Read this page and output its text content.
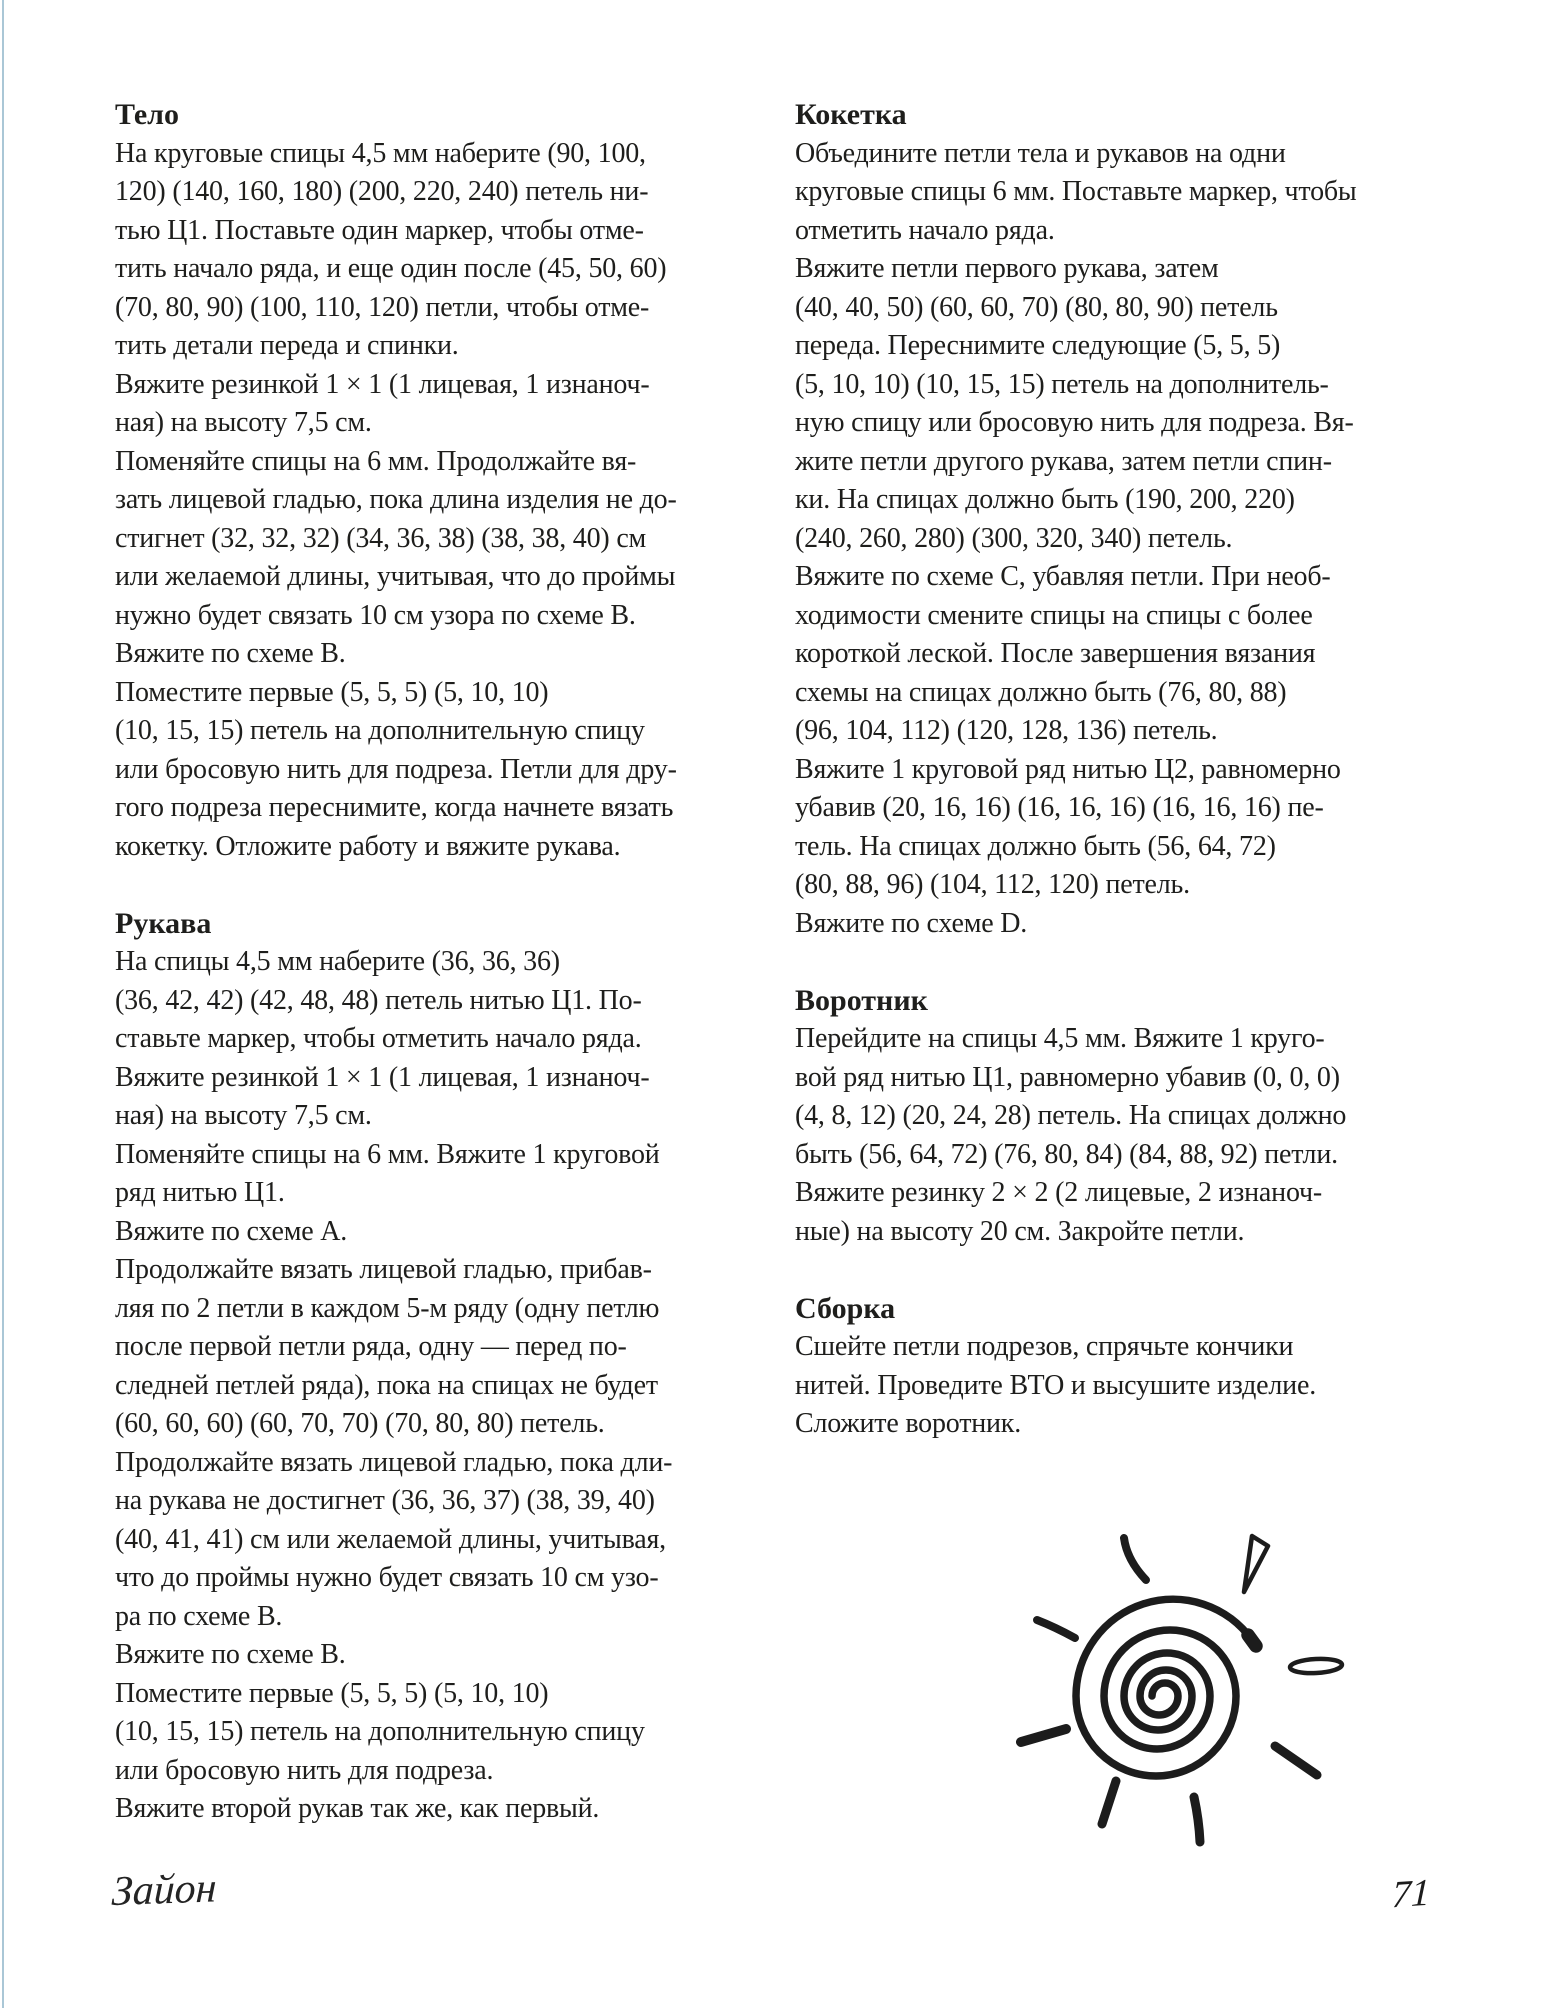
Тело
На круговые спицы 4,5 мм наберите (90, 100,
120) (140, 160, 180) (200, 220, 240) петель ни-
тью Ц1. Поставьте один маркер, чтобы отме-
тить начало ряда, и еще один после (45, 50, 60)
(70, 80, 90) (100, 110, 120) петли, чтобы отме-
тить детали переда и спинки.
Вяжите резинкой 1 × 1 (1 лицевая, 1 изнаноч-
ная) на высоту 7,5 см.
Поменяйте спицы на 6 мм. Продолжайте вя-
зать лицевой гладью, пока длина изделия не до-
стигнет (32, 32, 32) (34, 36, 38) (38, 38, 40) см
или желаемой длины, учитывая, что до проймы
нужно будет связать 10 см узора по схеме B.
Вяжите по схеме B.
Поместите первые (5, 5, 5) (5, 10, 10)
(10, 15, 15) петель на дополнительную спицу
или бросовую нить для подреза. Петли для дру-
гого подреза переснимите, когда начнете вязать
кокетку. Отложите работу и вяжите рукава.
Рукава
На спицы 4,5 мм наберите (36, 36, 36)
(36, 42, 42) (42, 48, 48) петель нитью Ц1. По-
ставьте маркер, чтобы отметить начало ряда.
Вяжите резинкой 1 × 1 (1 лицевая, 1 изнаноч-
ная) на высоту 7,5 см.
Поменяйте спицы на 6 мм. Вяжите 1 круговой
ряд нитью Ц1.
Вяжите по схеме A.
Продолжайте вязать лицевой гладью, прибав-
ляя по 2 петли в каждом 5-м ряду (одну петлю
после первой петли ряда, одну — перед по-
следней петлей ряда), пока на спицах не будет
(60, 60, 60) (60, 70, 70) (70, 80, 80) петель.
Продолжайте вязать лицевой гладью, пока дли-
на рукава не достигнет (36, 36, 37) (38, 39, 40)
(40, 41, 41) см или желаемой длины, учитывая,
что до проймы нужно будет связать 10 см узо-
ра по схеме B.
Вяжите по схеме B.
Поместите первые (5, 5, 5) (5, 10, 10)
(10, 15, 15) петель на дополнительную спицу
или бросовую нить для подреза.
Вяжите второй рукав так же, как первый.
Кокетка
Объедините петли тела и рукавов на одни
круговые спицы 6 мм. Поставьте маркер, чтобы
отметить начало ряда.
Вяжите петли первого рукава, затем
(40, 40, 50) (60, 60, 70) (80, 80, 90) петель
переда. Переснимите следующие (5, 5, 5)
(5, 10, 10) (10, 15, 15) петель на дополнитель-
ную спицу или бросовую нить для подреза. Вя-
жите петли другого рукава, затем петли спин-
ки. На спицах должно быть (190, 200, 220)
(240, 260, 280) (300, 320, 340) петель.
Вяжите по схеме C, убавляя петли. При необ-
ходимости смените спицы на спицы с более
короткой леской. После завершения вязания
схемы на спицах должно быть (76, 80, 88)
(96, 104, 112) (120, 128, 136) петель.
Вяжите 1 круговой ряд нитью Ц2, равномерно
убавив (20, 16, 16) (16, 16, 16) (16, 16, 16) пе-
тель. На спицах должно быть (56, 64, 72)
(80, 88, 96) (104, 112, 120) петель.
Вяжите по схеме D.
Воротник
Перейдите на спицы 4,5 мм. Вяжите 1 круго-
вой ряд нитью Ц1, равномерно убавив (0, 0, 0)
(4, 8, 12) (20, 24, 28) петель. На спицах должно
быть (56, 64, 72) (76, 80, 84) (84, 88, 92) петли.
Вяжите резинку 2 × 2 (2 лицевые, 2 изнаноч-
ные) на высоту 20 см. Закройте петли.
Сборка
Сшейте петли подрезов, спрячьте кончики
нитей. Проведите ВТО и высушите изделие.
Сложите воротник.
Зайон	71
